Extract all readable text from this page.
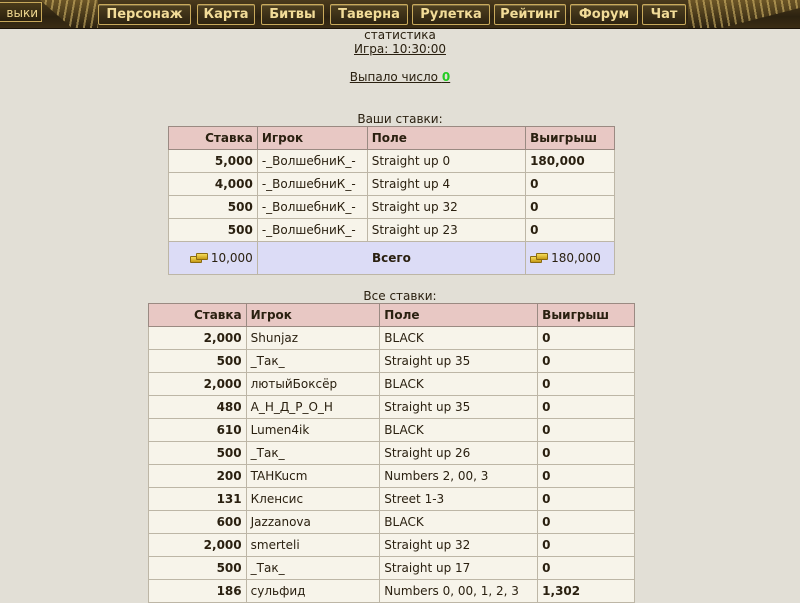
выки	Персонаж	Карта	Битвы	Таверна	Рулетка	Рейтинг	Форум	Чат
статистика
Игра: 10:30:00
Выпало число 0
Ваши ставки:
Ставка	Игрок	Поле	Выигрыш
5,000	-_ВолшебниК_-	Straight up 0	180,000
4,000	-_ВолшебниК_-	Straight up 4	0
500	-_ВолшебниК_-	Straight up 32	0
500	-_ВолшебниК_-	Straight up 23	0
10,000	Всего		180,000
Все ставки:
Ставка	Игрок	Поле	Выигрыш
2,000	Shunjaz	BLACK	0
500	_Так_	Straight up 35	0
2,000	лютыйБоксёр	BLACK	0
480	А_Н_Д_Р_О_Н	Straight up 35	0
610	Lumen4ik	BLACK	0
500	_Так_	Straight up 26	0
200	TAHKucm	Numbers 2, 00, 3	0
131	Кленсис	Street 1-3	0
600	Jazzanova	BLACK	0
2,000	smerteli	Straight up 32	0
500	_Так_	Straight up 17	0
186	сульфид	Numbers 0, 00, 1, 2, 3	1,302
